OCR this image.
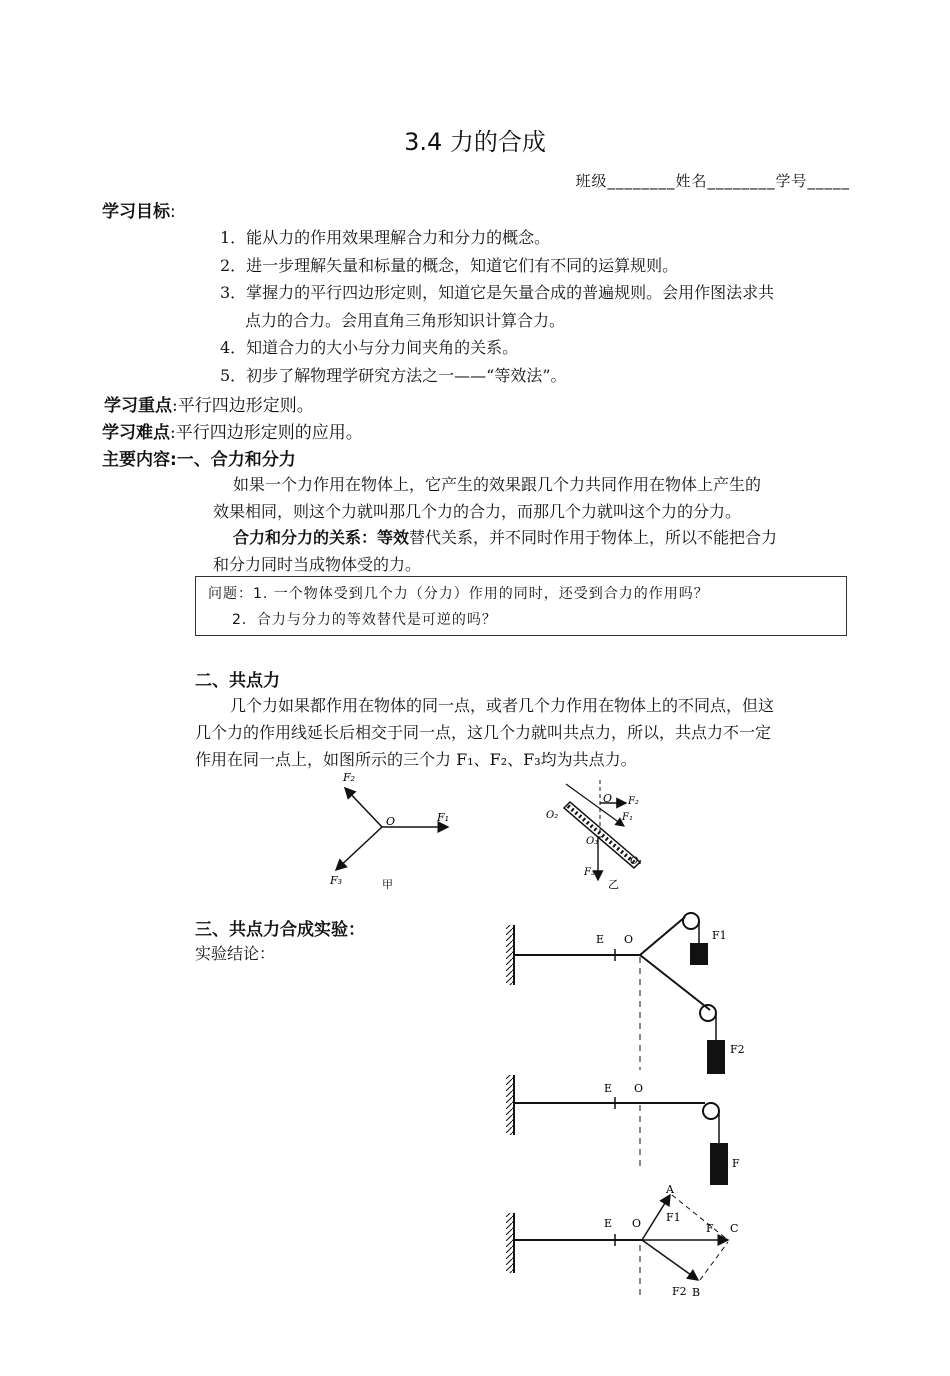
3.4 力的合成
班级________姓名________学号_____
学习目标:
1．能从力的作用效果理解合力和分力的概念。
2．进一步理解矢量和标量的概念，知道它们有不同的运算规则。
3．掌握力的平行四边形定则，知道它是矢量合成的普遍规则。会用作图法求共
点力的合力。会用直角三角形知识计算合力。
4．知道合力的大小与分力间夹角的关系。
5．初步了解物理学研究方法之一——“等效法”。
学习重点:平行四边形定则。
学习难点:平行四边形定则的应用。
主要内容:一、合力和分力
如果一个力作用在物体上，它产生的效果跟几个力共同作用在物体上产生的
效果相同，则这个力就叫那几个力的合力，而那几个力就叫这个力的分力。
合力和分力的关系：等效替代关系，并不同时作用于物体上，所以不能把合力
和分力同时当成物体受的力。
问题：1. 一个物体受到几个力（分力）作用的同时，还受到合力的作用吗？
2．合力与分力的等效替代是可逆的吗？
二、共点力
几个力如果都作用在物体的同一点，或者几个力作用在物体上的不同点，但这
几个力的作用线延长后相交于同一点，这几个力就叫共点力，所以，共点力不一定
作用在同一点上，如图所示的三个力 F₁、F₂、F₃均为共点力。
O	F₁
F₂
F₃	甲
O F₂
F₁
O₂
O₃
O₁
F₃
乙
三、共点力合成实验：
实验结论：
E O	F1
F2
E O
F
E O
A
F1
F C
F2 B
